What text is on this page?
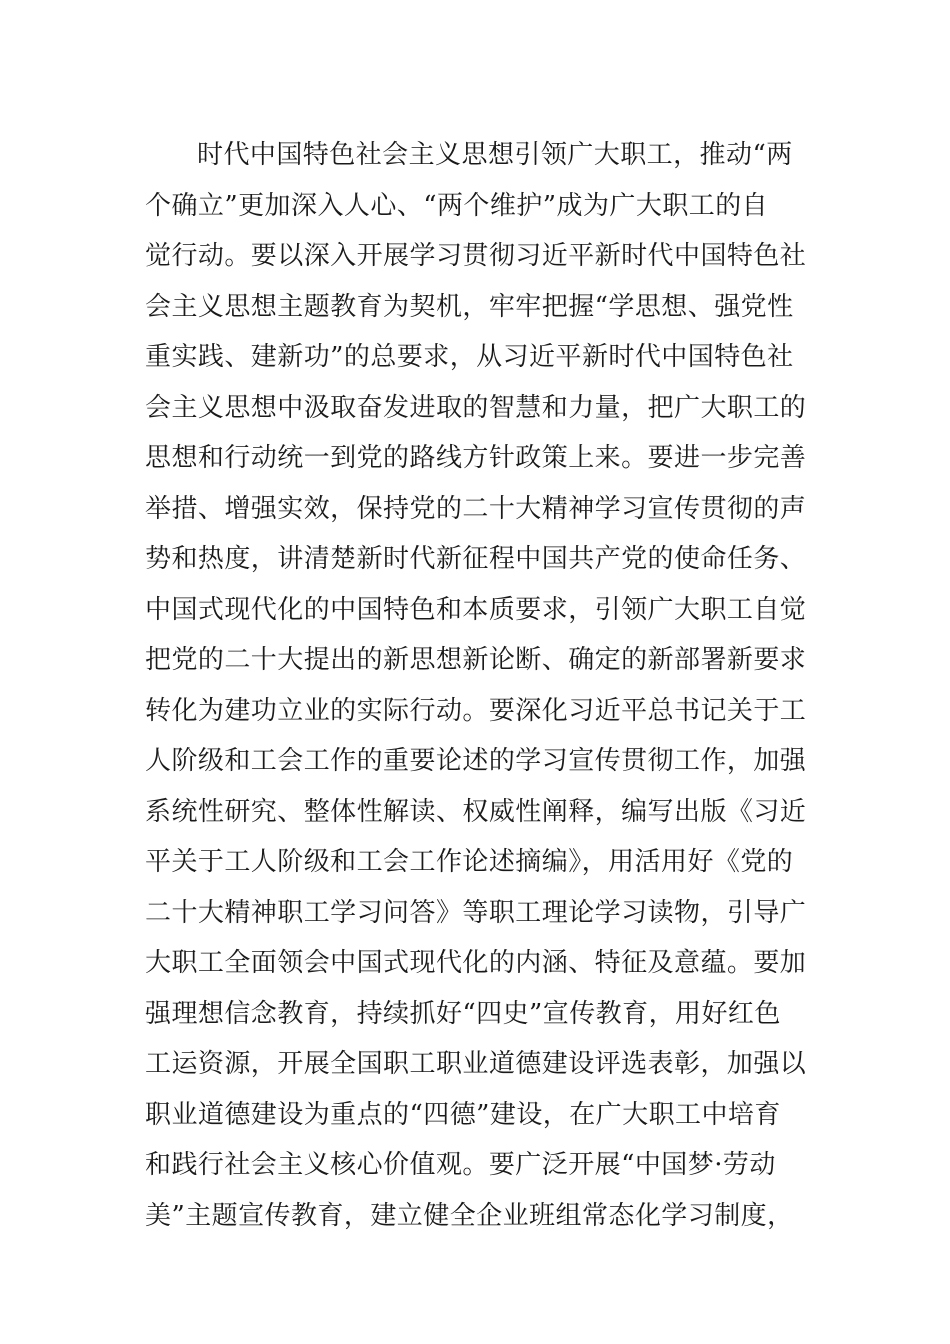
时代中国特色社会主义思想引领广大职工，推动“两
个确立”更加深入人心、“两个维护”成为广大职工的自
觉行动。要以深入开展学习贯彻习近平新时代中国特色社
会主义思想主题教育为契机，牢牢把握“学思想、强党性
重实践、建新功”的总要求，从习近平新时代中国特色社
会主义思想中汲取奋发进取的智慧和力量，把广大职工的
思想和行动统一到党的路线方针政策上来。要进一步完善
举措、增强实效，保持党的二十大精神学习宣传贯彻的声
势和热度，讲清楚新时代新征程中国共产党的使命任务、
中国式现代化的中国特色和本质要求，引领广大职工自觉
把党的二十大提出的新思想新论断、确定的新部署新要求
转化为建功立业的实际行动。要深化习近平总书记关于工
人阶级和工会工作的重要论述的学习宣传贯彻工作，加强
系统性研究、整体性解读、权威性阐释，编写出版《习近
平关于工人阶级和工会工作论述摘编》，用活用好《党的
二十大精神职工学习问答》等职工理论学习读物，引导广
大职工全面领会中国式现代化的内涵、特征及意蕴。要加
强理想信念教育，持续抓好“四史”宣传教育，用好红色
工运资源，开展全国职工职业道德建设评选表彰，加强以
职业道德建设为重点的“四德”建设，在广大职工中培育
和践行社会主义核心价值观。要广泛开展“中国梦·劳动
美”主题宣传教育，建立健全企业班组常态化学习制度，
